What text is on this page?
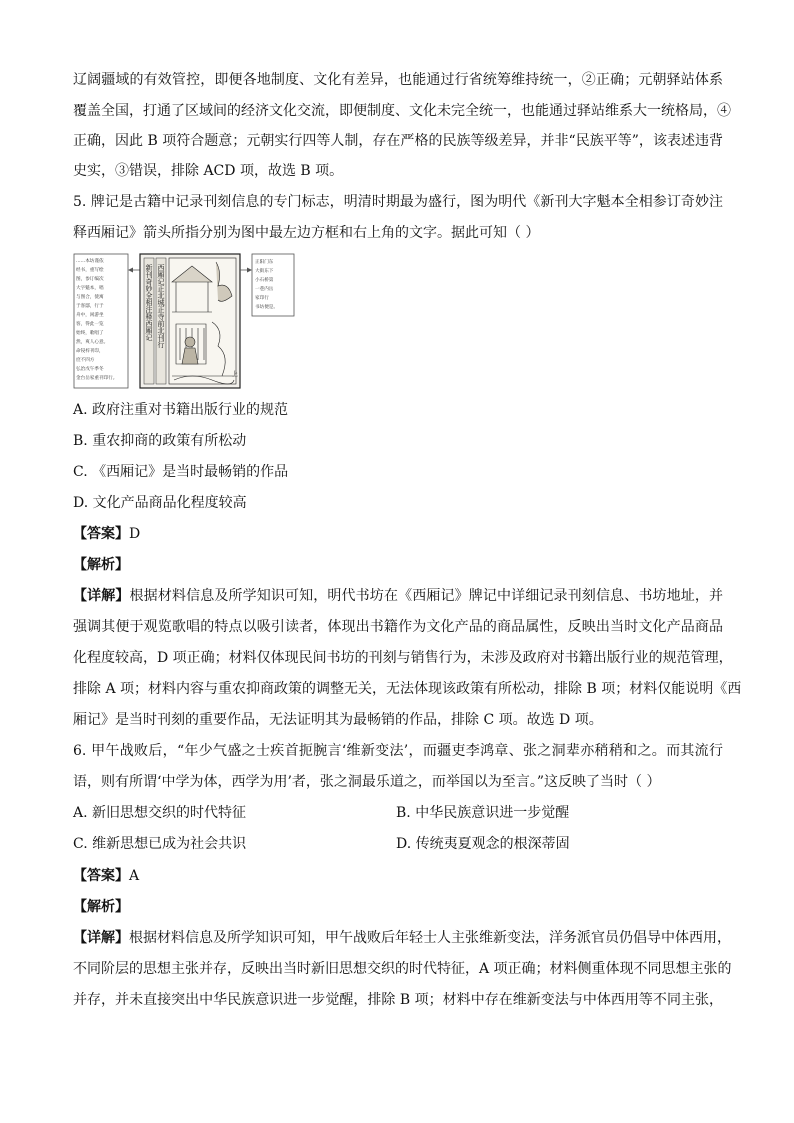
辽阔疆域的有效管控，即便各地制度、文化有差异，也能通过行省统筹维持统一，②正确；元朝驿站体系
覆盖全国，打通了区域间的经济文化交流，即便制度、文化未完全统一，也能通过驿站维系大一统格局，④
正确，因此 B 项符合题意；元朝实行四等人制，存在严格的民族等级差异，并非“民族平等”，该表述违背
史实，③错误，排除 ACD 项，故选 B 项。
5. 牌记是古籍中记录刊刻信息的专门标志，明清时期最为盛行，图为明代《新刊大字魁本全相参订奇妙注
释西厢记》箭头所指分别为图中最左边方框和右上角的文字。据此可知（ ）
……本坊谨依
经书，重写绘
图，参订编次
大字魁本，唱
与图合，使寓
于客邸，行于
舟中，闲游坐
客，得此一览
始终，歌唱了
然，爽人心意。
命锓梓刊印，
庶不四方
弘治戊午季冬
金台岳家重刊印行。
新刊奇妙全相注释西厢记 西厢记正北城正寺前北刊行
上
正阳门东
大街东下
小石桥第
一巷内岳
家印行
书坊便是。
A. 政府注重对书籍出版行业的规范
B. 重农抑商的政策有所松动
C. 《西厢记》是当时最畅销的作品
D. 文化产品商品化程度较高
【答案】D
【解析】
【详解】根据材料信息及所学知识可知，明代书坊在《西厢记》牌记中详细记录刊刻信息、书坊地址，并
强调其便于观览歌唱的特点以吸引读者，体现出书籍作为文化产品的商品属性，反映出当时文化产品商品
化程度较高，D 项正确；材料仅体现民间书坊的刊刻与销售行为，未涉及政府对书籍出版行业的规范管理，
排除 A 项；材料内容与重农抑商政策的调整无关，无法体现该政策有所松动，排除 B 项；材料仅能说明《西
厢记》是当时刊刻的重要作品，无法证明其为最畅销的作品，排除 C 项。故选 D 项。
6. 甲午战败后，“年少气盛之士疾首扼腕言‘维新变法’，而疆吏李鸿章、张之洞辈亦稍稍和之。而其流行
语，则有所谓‘中学为体，西学为用’者，张之洞最乐道之，而举国以为至言。”这反映了当时（ ）
A. 新旧思想交织的时代特征	B. 中华民族意识进一步觉醒
C. 维新思想已成为社会共识	D. 传统夷夏观念的根深蒂固
【答案】A
【解析】
【详解】根据材料信息及所学知识可知，甲午战败后年轻士人主张维新变法，洋务派官员仍倡导中体西用，
不同阶层的思想主张并存，反映出当时新旧思想交织的时代特征，A 项正确；材料侧重体现不同思想主张的
并存，并未直接突出中华民族意识进一步觉醒，排除 B 项；材料中存在维新变法与中体西用等不同主张，
